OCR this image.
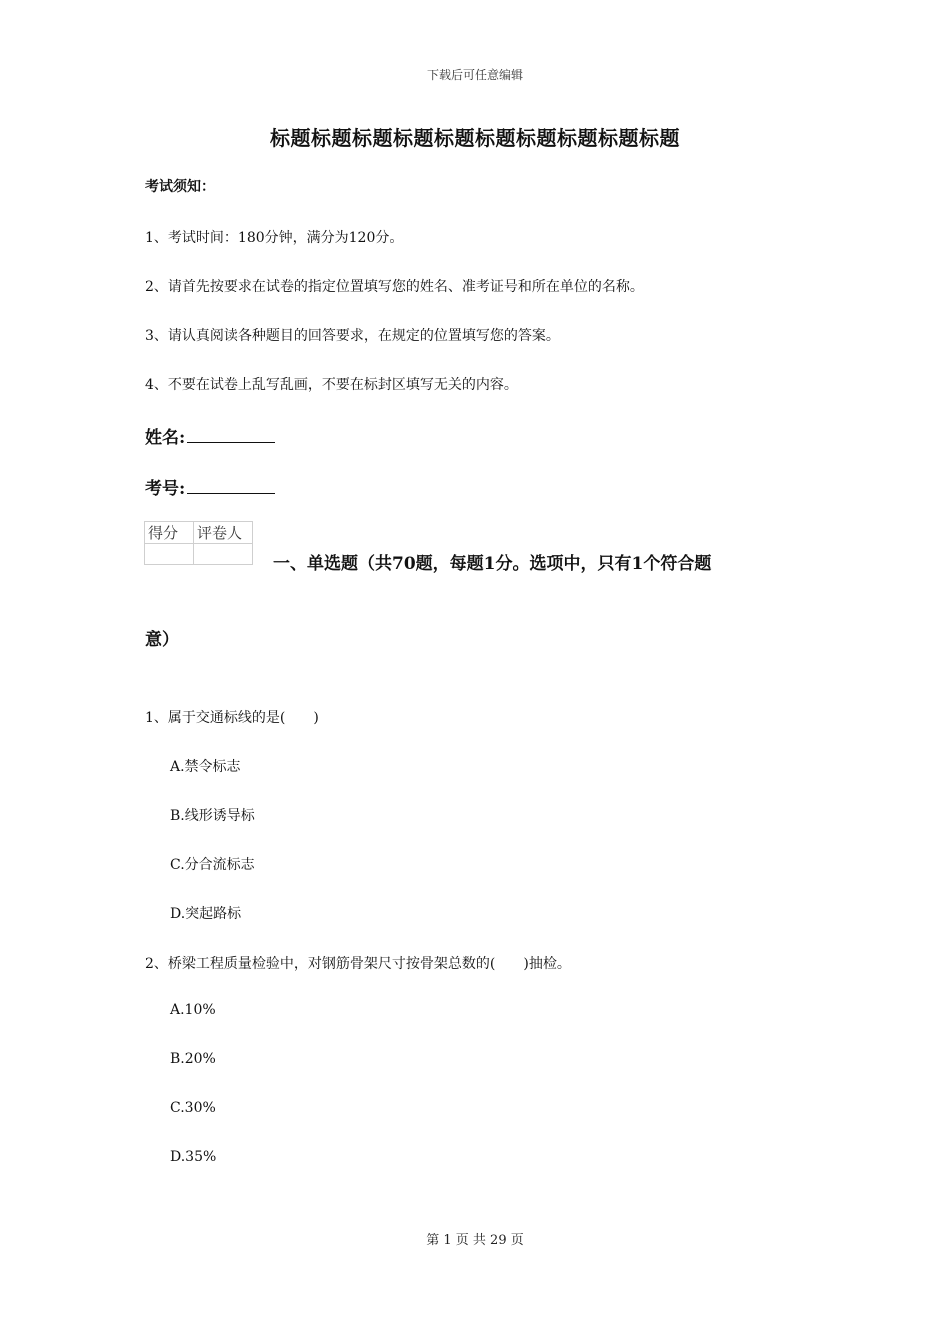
下载后可任意编辑
标题标题标题标题标题标题标题标题标题标题
考试须知：
1、考试时间：180分钟，满分为120分。
2、请首先按要求在试卷的指定位置填写您的姓名、准考证号和所在单位的名称。
3、请认真阅读各种题目的回答要求，在规定的位置填写您的答案。
4、不要在试卷上乱写乱画，不要在标封区填写无关的内容。
姓名:
考号:
得分	评卷人

一、单选题（共70题，每题1分。选项中，只有1个符合题
意）
1、属于交通标线的是(　　)
A.禁令标志
B.线形诱导标
C.分合流标志
D.突起路标
2、桥梁工程质量检验中，对钢筋骨架尺寸按骨架总数的(　　)抽检。
A.10%
B.20%
C.30%
D.35%
第 1 页 共 29 页
